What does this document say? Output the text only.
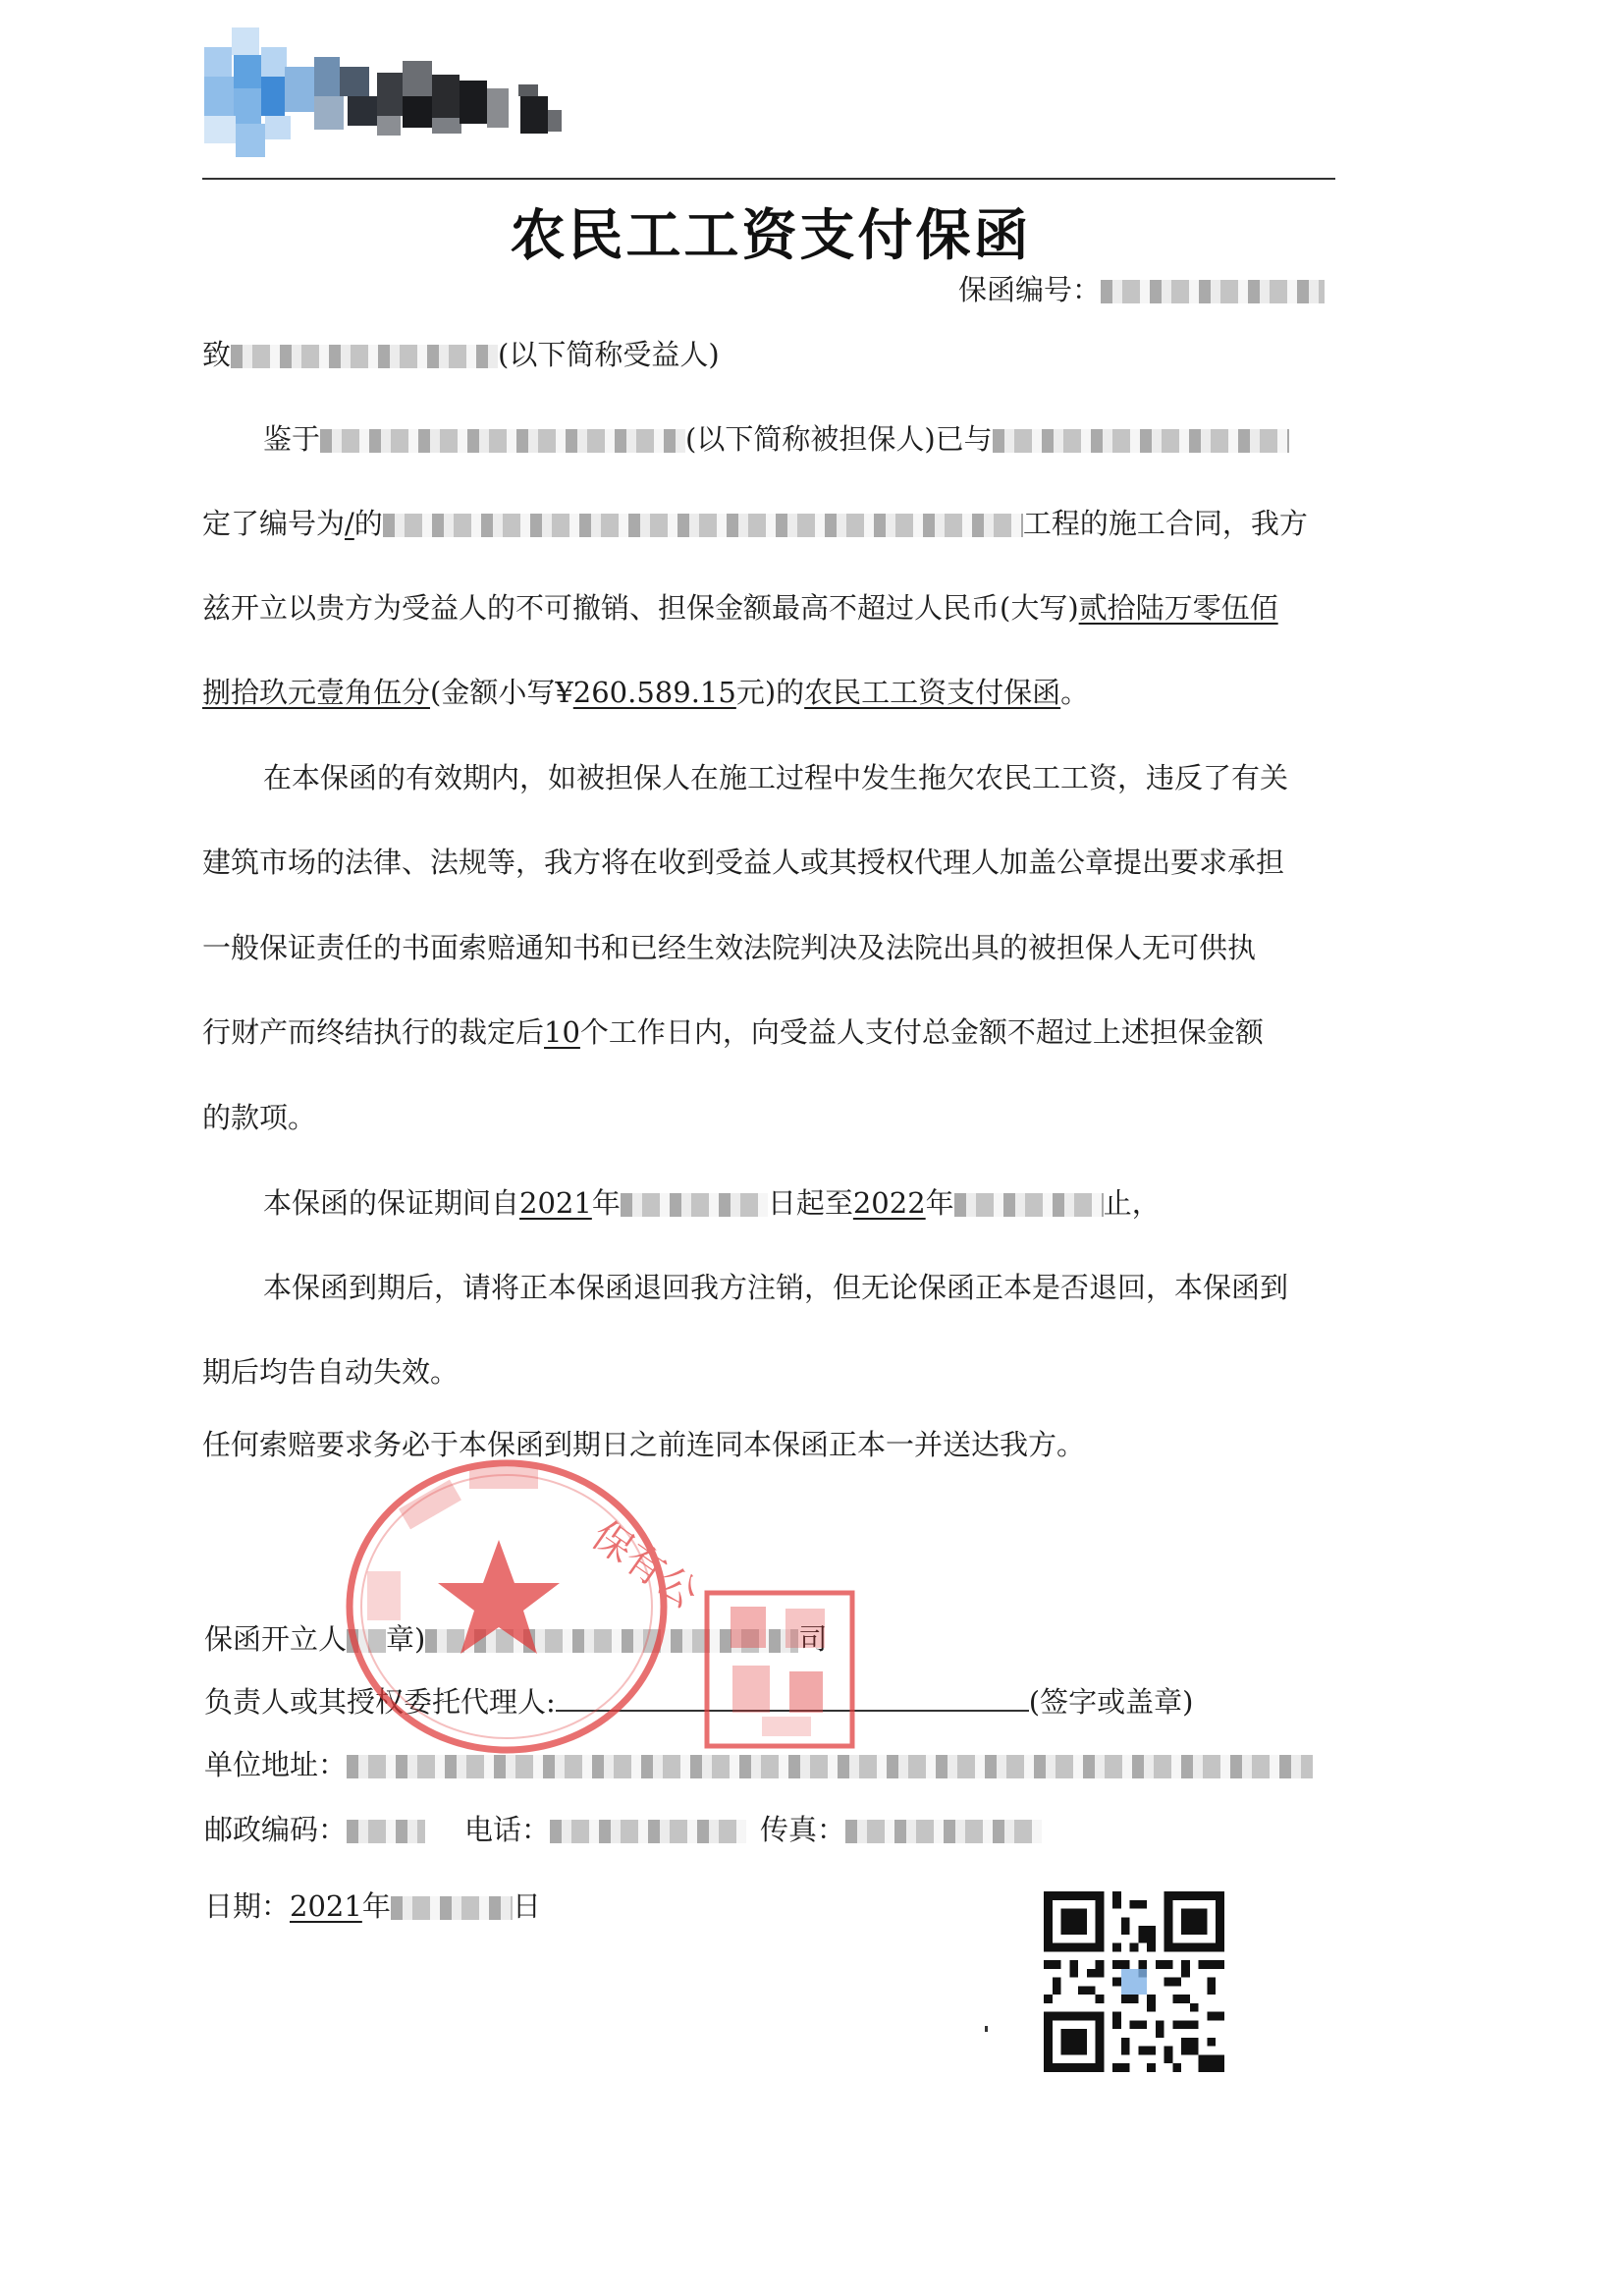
农民工工资支付保函
保函编号：
致	(以下简称受益人)
鉴于	(以下简称被担保人)已与
定了编号为/的	工程的施工合同，我方
兹开立以贵方为受益人的不可撤销、担保金额最高不超过人民币(大写)贰拾陆万零伍佰
捌拾玖元壹角伍分(金额小写¥260.589.15元)的农民工工资支付保函。
在本保函的有效期内，如被担保人在施工过程中发生拖欠农民工工资，违反了有关
建筑市场的法律、法规等，我方将在收到受益人或其授权代理人加盖公章提出要求承担
一般保证责任的书面索赔通知书和已经生效法院判决及法院出具的被担保人无可供执
行财产而终结执行的裁定后10个工作日内，向受益人支付总金额不超过上述担保金额
的款项。
本保函的保证期间自2021年	日起至2022年	止，
本保函到期后，请将正本保函退回我方注销，但无论保函正本是否退回，本保函到
期后均告自动失效。
任何索赔要求务必于本保函到期日之前连同本保函正本一并送达我方。
保函开立人 章)	司
负责人或其授权委托代理人:	(签字或盖章)
单位地址：
邮政编码：	电话：	传真：
日期：2021年	日
保有公
